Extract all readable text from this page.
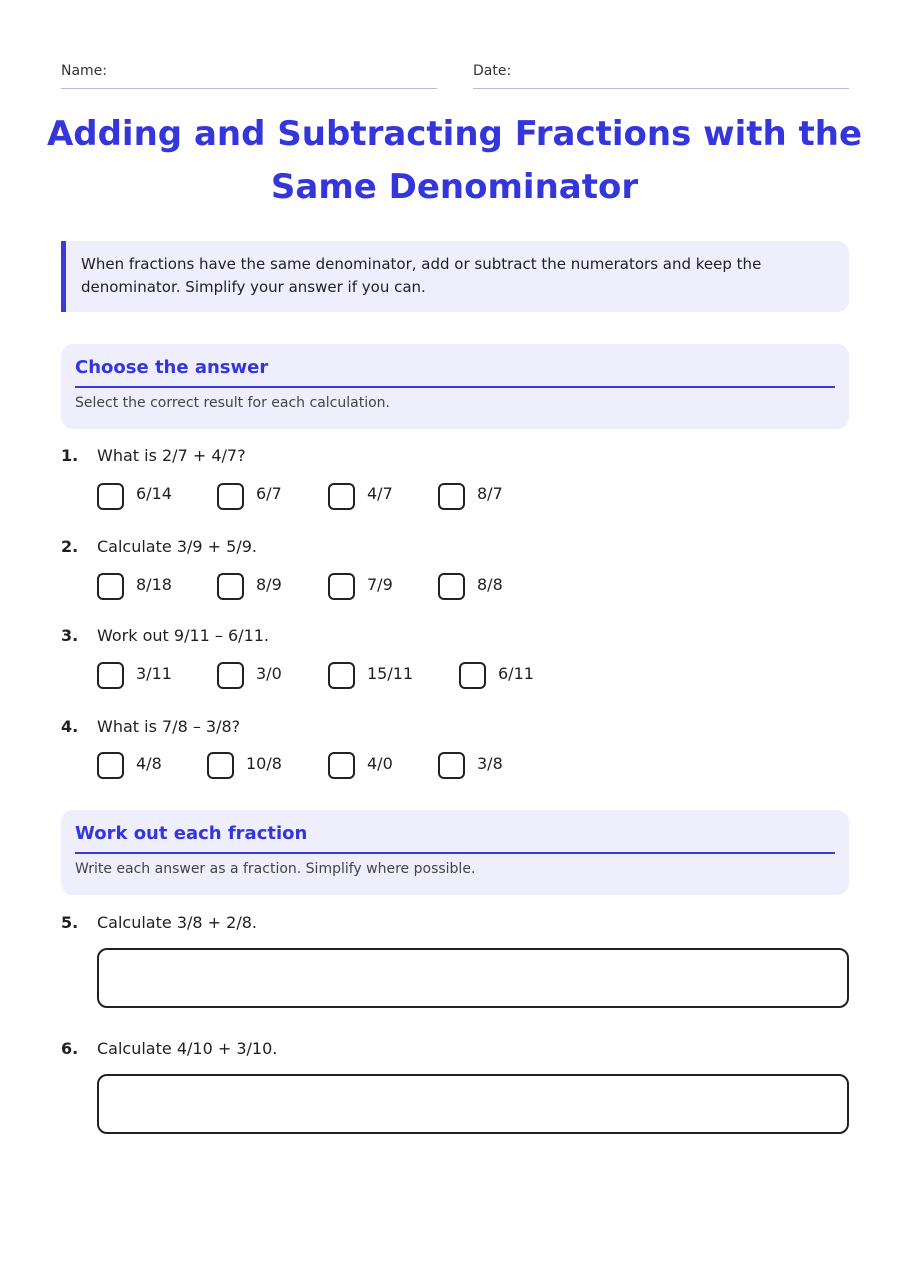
Name:	Date:
Adding and Subtracting Fractions with the Same Denominator
When fractions have the same denominator, add or subtract the numerators and keep the denominator. Simplify your answer if you can.
Choose the answer
Select the correct result for each calculation.
1. What is 2/7 + 4/7?
6/14	6/7	4/7	8/7
2. Calculate 3/9 + 5/9.
8/18	8/9	7/9	8/8
3. Work out 9/11 – 6/11.
3/11	3/0	15/11	6/11
4. What is 7/8 – 3/8?
4/8	10/8	4/0	3/8
Work out each fraction
Write each answer as a fraction. Simplify where possible.
5. Calculate 3/8 + 2/8.
6. Calculate 4/10 + 3/10.
